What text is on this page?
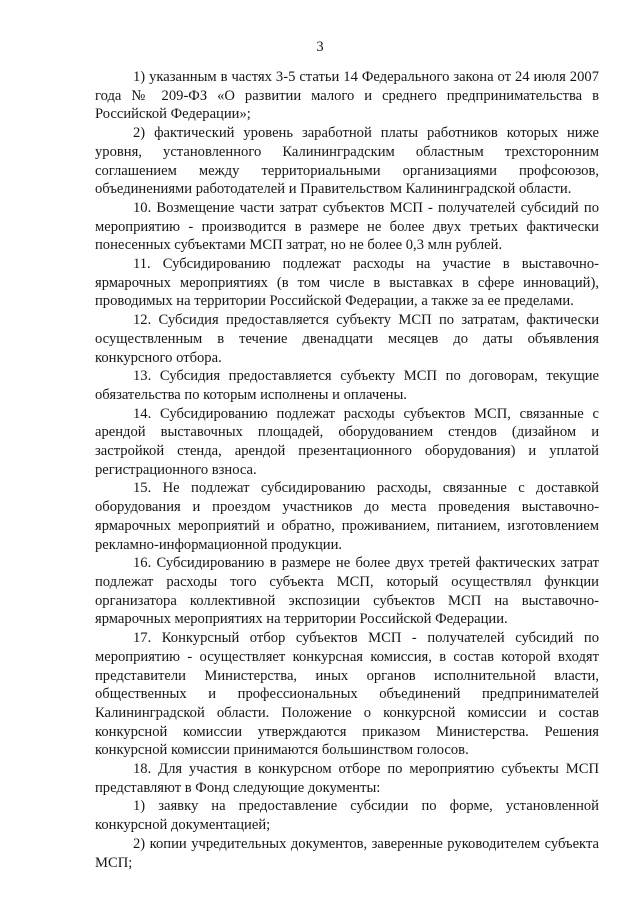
3

1) указанным в частях 3-5 статьи 14 Федерального закона от 24 июля 2007 года № 209-ФЗ «О развитии малого и среднего предпринимательства в Российской Федерации»;

2) фактический уровень заработной платы работников которых ниже уровня, установленного Калининградским областным трехсторонним соглашением между территориальными организациями профсоюзов, объединениями работодателей и Правительством Калининградской области.

10. Возмещение части затрат субъектов МСП - получателей субсидий по мероприятию - производится в размере не более двух третьих фактически понесенных субъектами МСП затрат, но не более 0,3 млн рублей.

11. Субсидированию подлежат расходы на участие в выставочно-ярмарочных мероприятиях (в том числе в выставках в сфере инноваций), проводимых на территории Российской Федерации, а также за ее пределами.

12. Субсидия предоставляется субъекту МСП по затратам, фактически осуществленным в течение двенадцати месяцев до даты объявления конкурсного отбора.

13. Субсидия предоставляется субъекту МСП по договорам, текущие обязательства по которым исполнены и оплачены.

14. Субсидированию подлежат расходы субъектов МСП, связанные с арендой выставочных площадей, оборудованием стендов (дизайном и застройкой стенда, арендой презентационного оборудования) и уплатой регистрационного взноса.

15. Не подлежат субсидированию расходы, связанные с доставкой оборудования и проездом участников до места проведения выставочно-ярмарочных мероприятий и обратно, проживанием, питанием, изготовлением рекламно-информационной продукции.

16. Субсидированию в размере не более двух третей фактических затрат подлежат расходы того субъекта МСП, который осуществлял функции организатора коллективной экспозиции субъектов МСП на выставочно-ярмарочных мероприятиях на территории Российской Федерации.

17. Конкурсный отбор субъектов МСП - получателей субсидий по мероприятию - осуществляет конкурсная комиссия, в состав которой входят представители Министерства, иных органов исполнительной власти, общественных и профессиональных объединений предпринимателей Калининградской области. Положение о конкурсной комиссии и состав конкурсной комиссии утверждаются приказом Министерства. Решения конкурсной комиссии принимаются большинством голосов.

18. Для участия в конкурсном отборе по мероприятию субъекты МСП представляют в Фонд следующие документы:

1) заявку на предоставление субсидии по форме, установленной конкурсной документацией;

2) копии учредительных документов, заверенные руководителем субъекта МСП;
